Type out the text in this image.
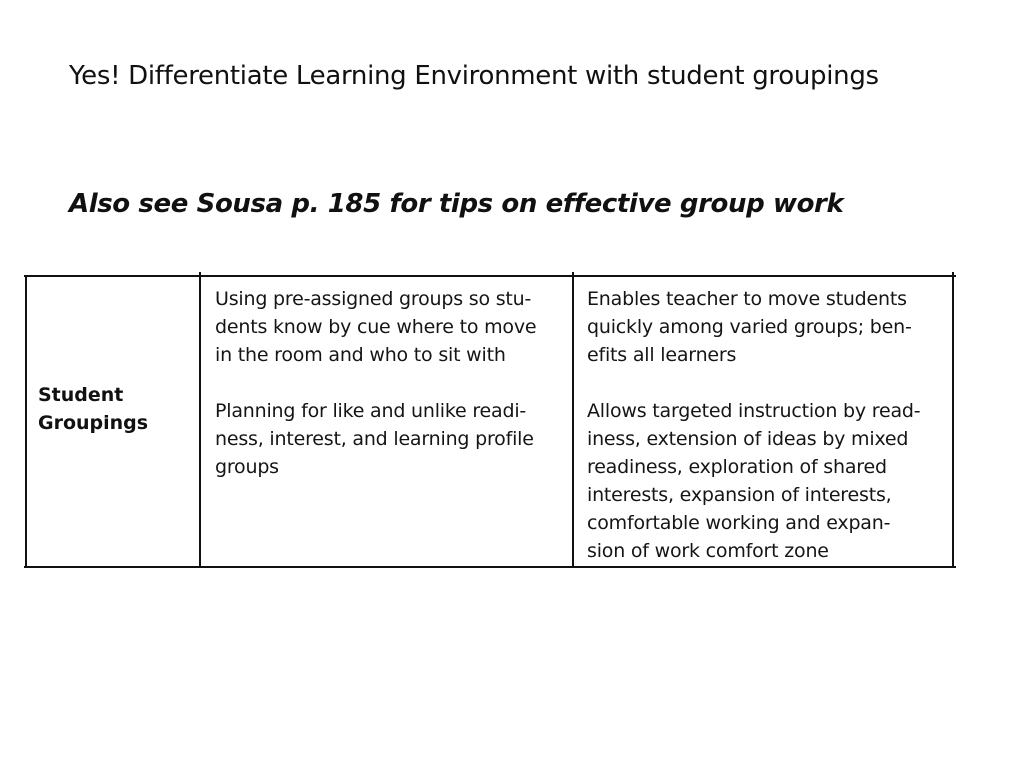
Yes! Differentiate Learning Environment with student groupings
Also see Sousa p. 185 for tips on effective group work

Student

Groupings

Using pre-assigned groups so stu-

dents know by cue where to move

in the room and who to sit with

Planning for like and unlike readi-

ness, interest, and learning profile

groups

Enables teacher to move students

quickly among varied groups; ben-

efits all learners

Allows targeted instruction by read-

iness, extension of ideas by mixed

readiness, exploration of shared

interests, expansion of interests,

comfortable working and expan-

sion of work comfort zone
